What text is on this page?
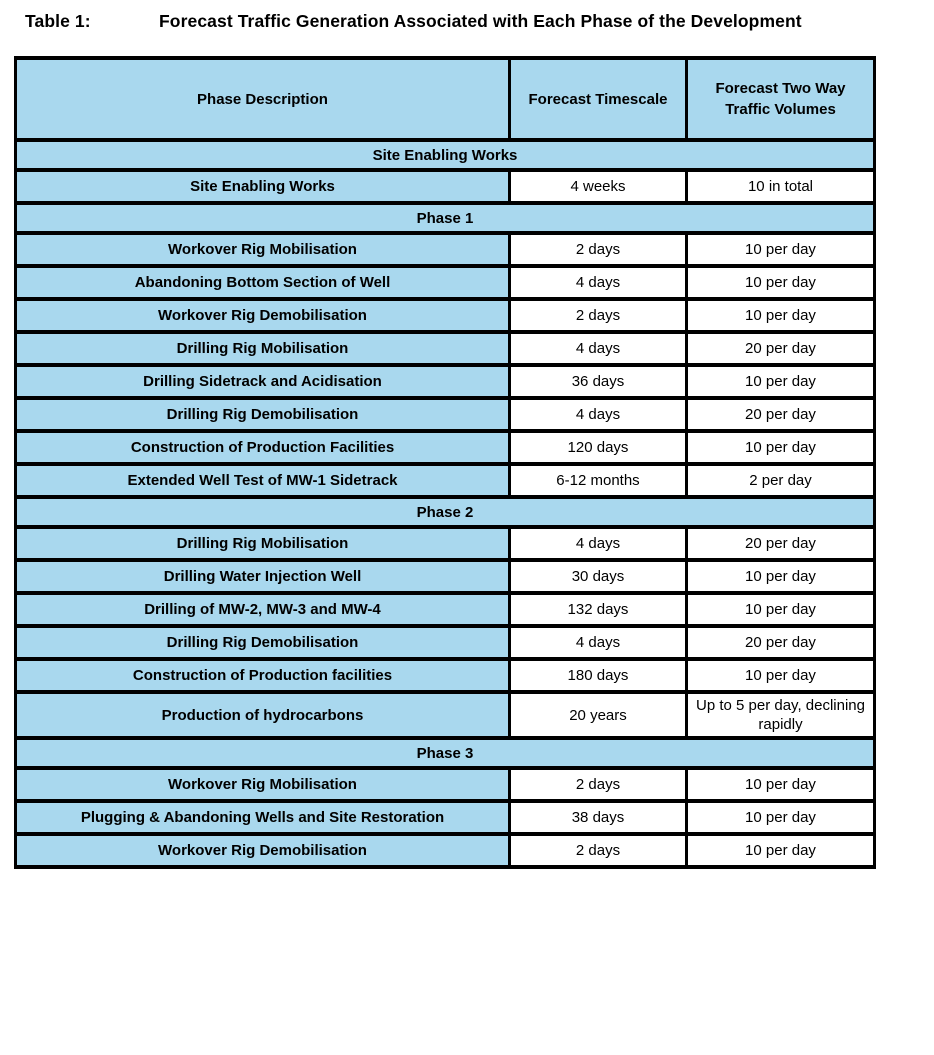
Table 1:	Forecast Traffic Generation Associated with Each Phase of the Development
Phase Description	Forecast Timescale	Forecast Two Way Traffic Volumes
Site Enabling Works		
Site Enabling Works	4 weeks	10 in total
Phase 1		
Workover Rig Mobilisation	2 days	10 per day
Abandoning Bottom Section of Well	4 days	10 per day
Workover Rig Demobilisation	2 days	10 per day
Drilling Rig Mobilisation	4 days	20 per day
Drilling Sidetrack and Acidisation	36 days	10 per day
Drilling Rig Demobilisation	4 days	20 per day
Construction of Production Facilities	120 days	10 per day
Extended Well Test of MW-1 Sidetrack	6-12 months	2 per day
Phase 2		
Drilling Rig Mobilisation	4 days	20 per day
Drilling Water Injection Well	30 days	10 per day
Drilling of MW-2, MW-3 and MW-4	132 days	10 per day
Drilling Rig Demobilisation	4 days	20 per day
Construction of Production facilities	180 days	10 per day
Production of hydrocarbons	20 years	Up to 5 per day, declining rapidly
Phase 3		
Workover Rig Mobilisation	2 days	10 per day
Plugging & Abandoning Wells and Site Restoration	38 days	10 per day
Workover Rig Demobilisation	2 days	10 per day
